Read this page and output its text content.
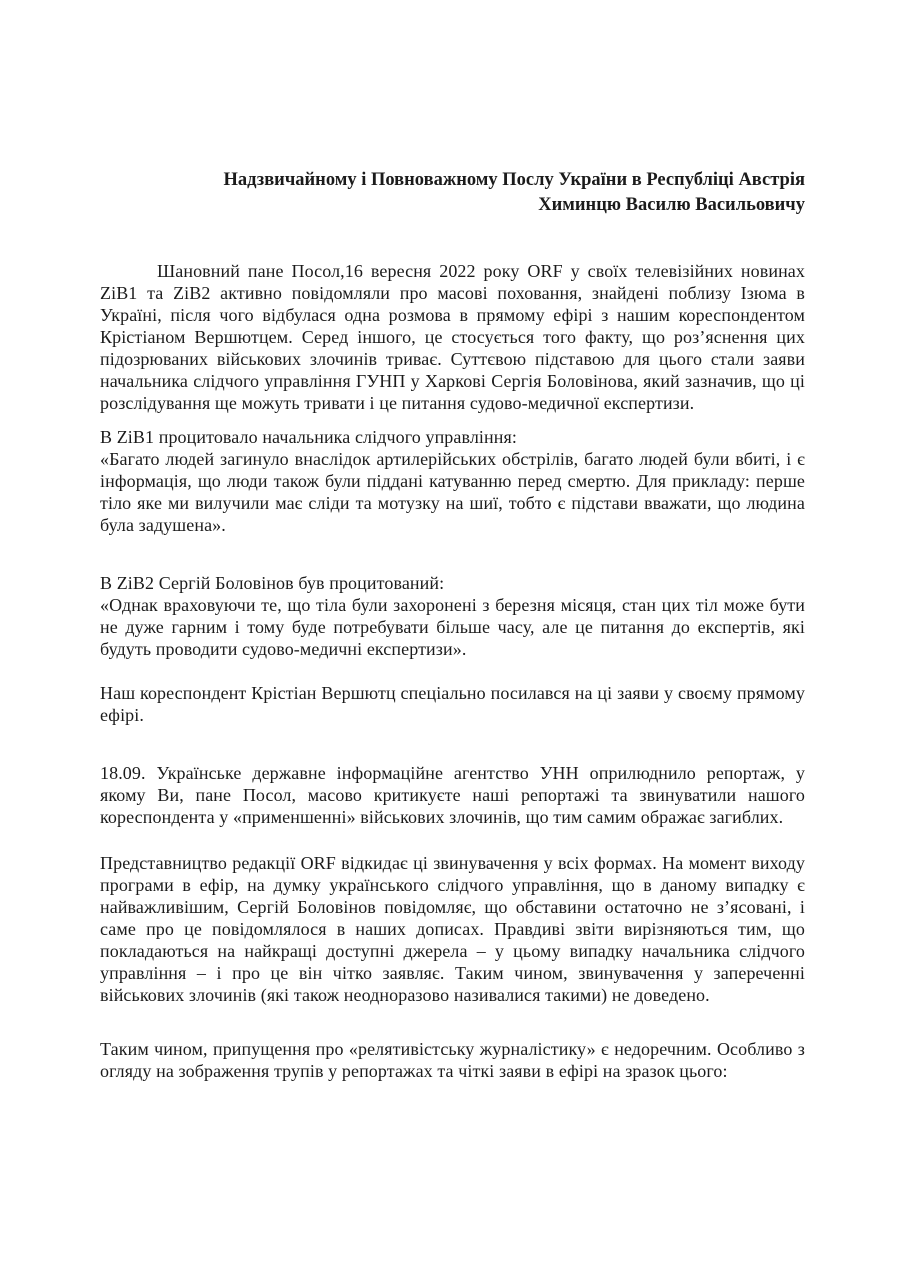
Надзвичайному і Повноважному Послу України в Республіці Австрія
Химинцю Василю Васильовичу

Шановний пане Посол,16 вересня 2022 року ORF у своїх телевізійних новинах ZiB1 та ZiB2 активно повідомляли про масові поховання, знайдені поблизу Ізюма в Україні, після чого відбулася одна розмова в прямому ефірі з нашим кореспондентом Крістіаном Вершютцем. Серед іншого, це стосується того факту, що роз’яснення цих підозрюваних військових злочинів триває. Суттєвою підставою для цього стали заяви начальника слідчого управління ГУНП у Харкові Сергія Боловінова, який зазначив, що ці розслідування ще можуть тривати і це питання судово-медичної експертизи.

В ZiB1 процитовало начальника слідчого управління:

«Багато людей загинуло внаслідок артилерійських обстрілів, багато людей були вбиті, і є інформація, що люди також були піддані катуванню перед смертю. Для прикладу: перше тіло яке ми вилучили має сліди та мотузку на шиї, тобто є підстави вважати, що людина була задушена».

В ZiB2 Сергій Боловінов був процитований:

«Однак враховуючи те, що тіла були захоронені з березня місяця, стан цих тіл може бути не дуже гарним і тому буде потребувати більше часу, але це питання до експертів, які будуть проводити судово-медичні експертизи».

Наш кореспондент Крістіан Вершютц спеціально посилався на ці заяви у своєму прямому ефірі.

18.09. Українське державне інформаційне агентство УНН оприлюднило репортаж, у якому Ви, пане Посол, масово критикуєте наші репортажі та звинуватили нашого кореспондента у «применшенні» військових злочинів, що тим самим ображає загиблих.

Представництво редакції ORF відкидає ці звинувачення у всіх формах. На момент виходу програми в ефір, на думку українського слідчого управління, що в даному випадку є найважливішим, Сергій Боловінов повідомляє, що обставини остаточно не з’ясовані, і саме про це повідомлялося в наших дописах. Правдиві звіти вирізняються тим, що покладаються на найкращі доступні джерела – у цьому випадку начальника слідчого управління – і про це він чітко заявляє. Таким чином, звинувачення у запереченні військових злочинів (які також неодноразово називалися такими) не доведено.

Таким чином, припущення про «релятивістську журналістику» є недоречним. Особливо з огляду на зображення трупів у репортажах та чіткі заяви в ефірі на зразок цього:
